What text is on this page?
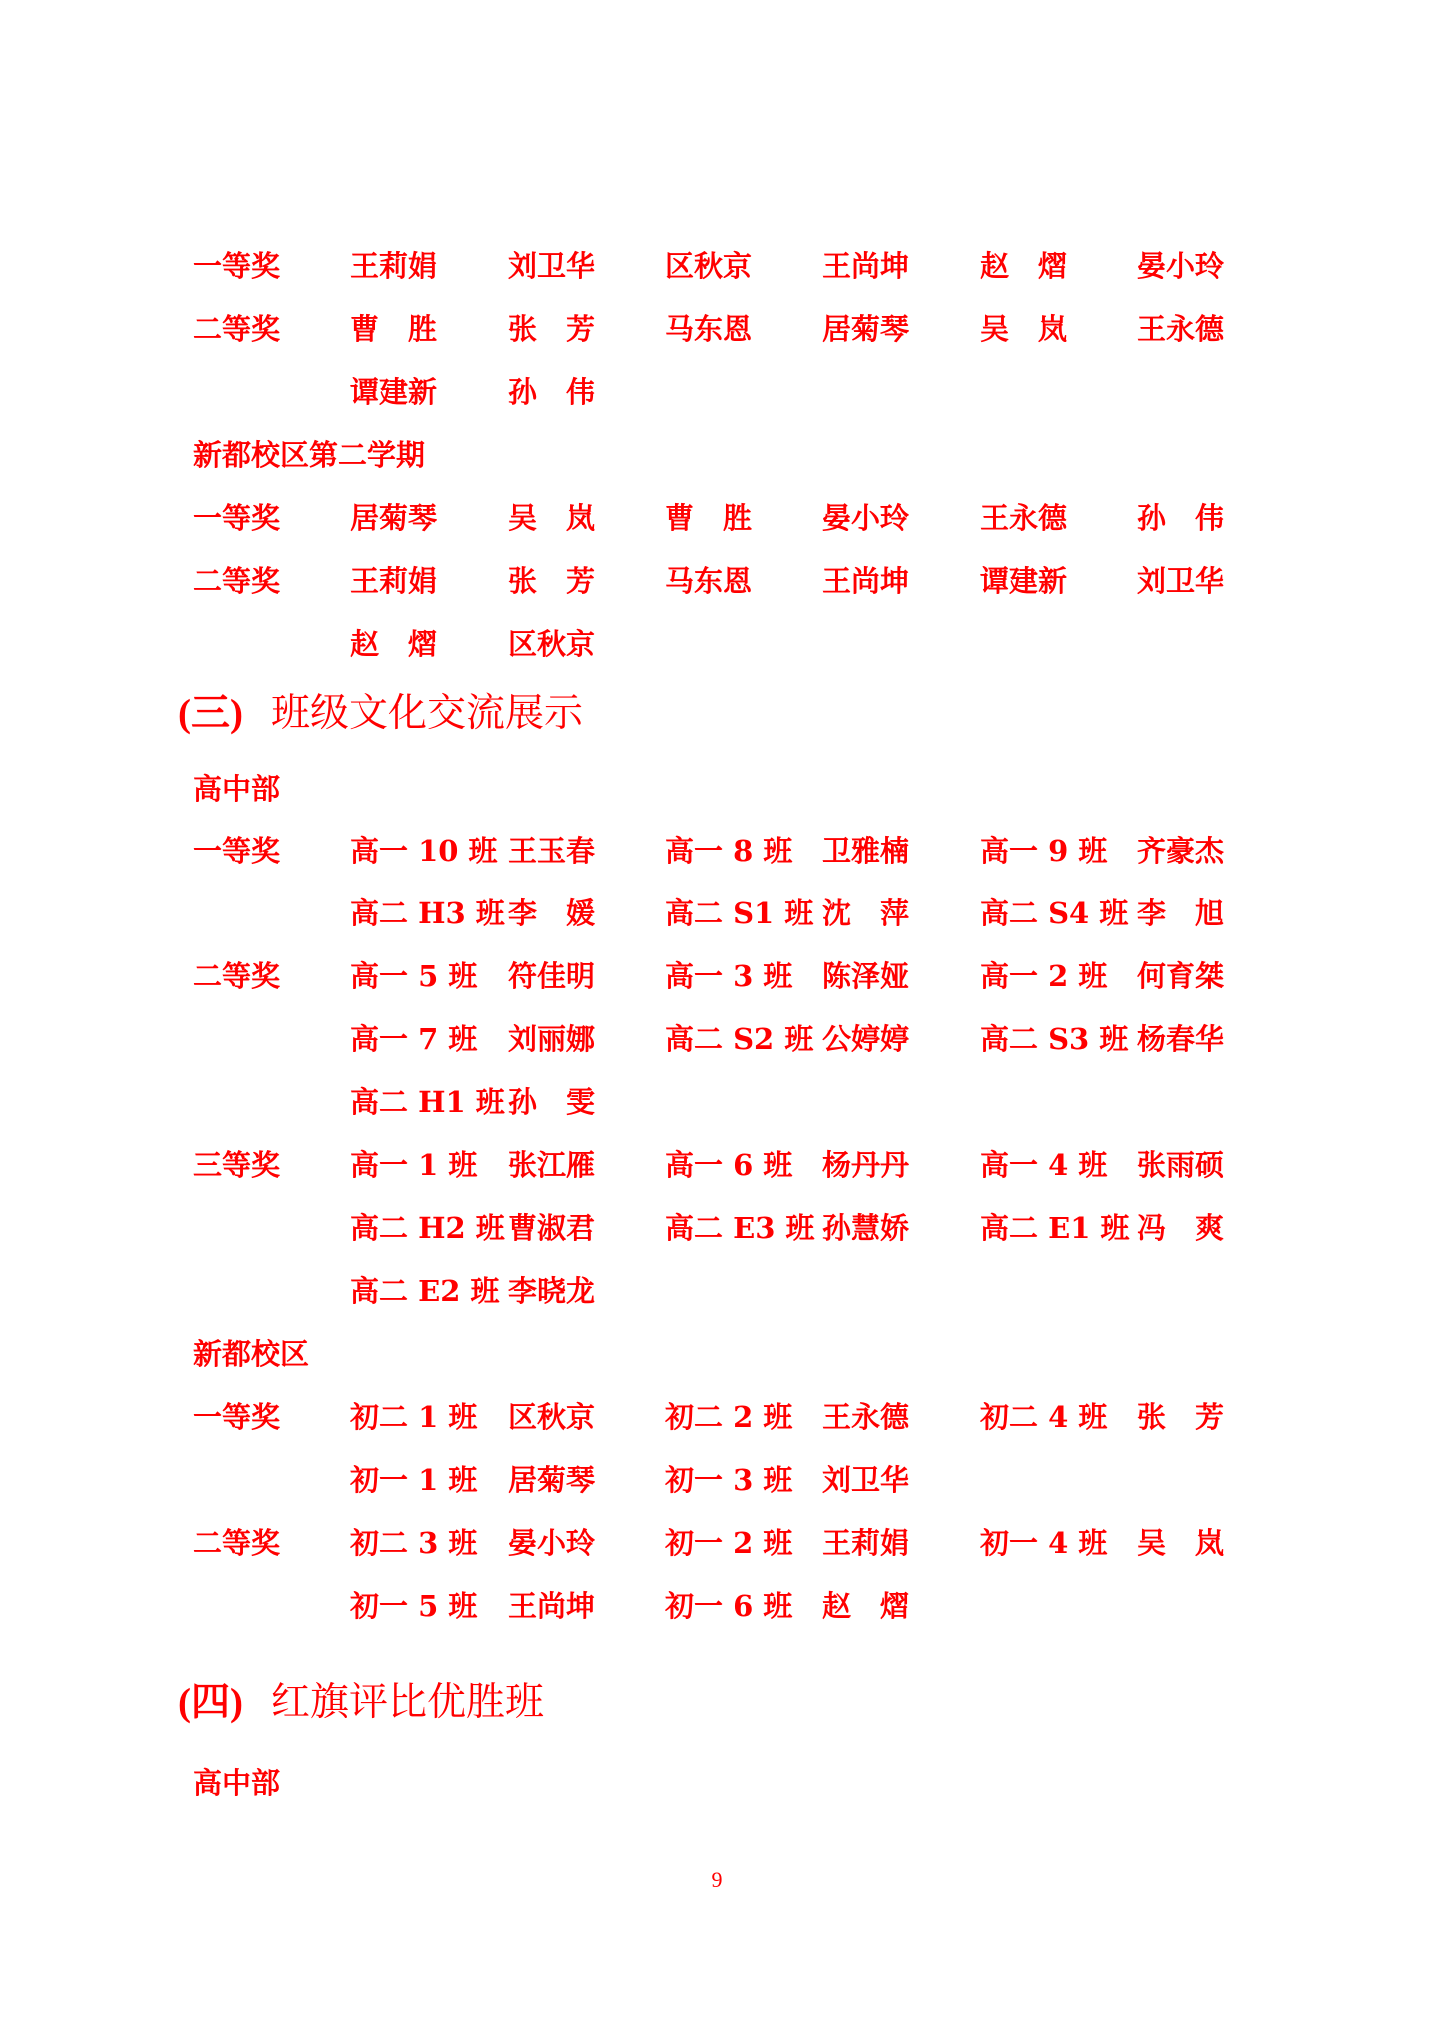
9
一等奖 王莉娟 刘卫华 区秋京 王尚坤 赵　熠 晏小玲
二等奖 曹　胜 张　芳 马东恩 居菊琴 吴　岚 王永德
谭建新 孙　伟
新都校区第二学期
一等奖 居菊琴 吴　岚 曹　胜 晏小玲 王永德 孙　伟
二等奖 王莉娟 张　芳 马东恩 王尚坤 谭建新 刘卫华
赵　熠 区秋京
(三) 班级文化交流展示
高中部
一等奖 高一 10 班 王玉春 高一 8 班 卫雅楠 高一 9 班 齐豪杰
高二 H3 班 李　媛 高二 S1 班 沈　萍 高二 S4 班 李　旭
二等奖 高一 5 班 符佳明 高一 3 班 陈泽娅 高一 2 班 何育桀
高一 7 班 刘丽娜 高二 S2 班 公婷婷 高二 S3 班 杨春华
高二 H1 班 孙　雯
三等奖 高一 1 班 张江雁 高一 6 班 杨丹丹 高一 4 班 张雨硕
高二 H2 班 曹淑君 高二 E3 班 孙慧娇 高二 E1 班 冯　爽
高二 E2 班 李晓龙
新都校区
一等奖 初二 1 班 区秋京 初二 2 班 王永德 初二 4 班 张　芳
初一 1 班 居菊琴 初一 3 班 刘卫华
二等奖 初二 3 班 晏小玲 初一 2 班 王莉娟 初一 4 班 吴　岚
初一 5 班 王尚坤 初一 6 班 赵　熠
(四) 红旗评比优胜班
高中部
